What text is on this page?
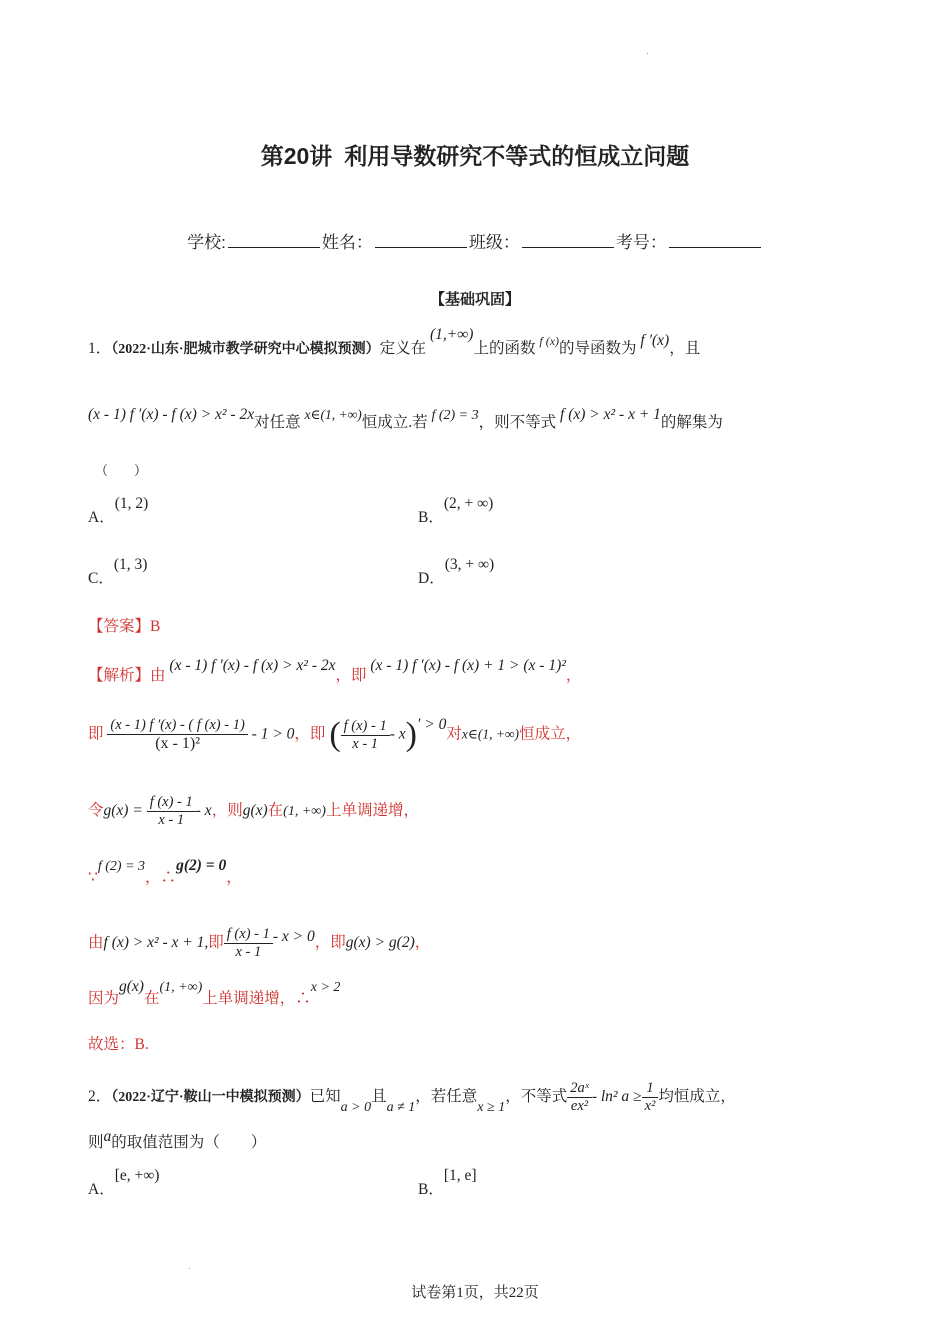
第20讲 利用导数研究不等式的恒成立问题
学校:	姓名：	班级：	考号：
【基础巩固】
1．（2022·山东·肥城市教学研究中心模拟预测）定义在 (1,+∞)上的函数 $^{f (x)}$的导函数为 f ′(x)，且
(x - 1) f ′(x) - f (x) > x² - 2x对任意 x∈(1, +∞)恒成立.若 f (2) = 3，则不等式 f (x) > x² - x + 1的解集为
（　　）
A．(1, 2)
B．(2, + ∞)
C．(1, 3)
D．(3, + ∞)
【答案】B
【解析】由 (x - 1) f ′(x) - f (x) > x² - 2x，即 (x - 1) f ′(x) - f (x) + 1 > (x - 1)²，
即 $\frac{(x - 1) f '(x) - ( f (x) - 1)}{\text{(x - 1)²}} - 1 > 0$，即 ( $\frac{f (x) - 1}{x - 1} - x)' > 0$对x∈(1, +∞)恒成立，
令$g(x) = \frac{f (x) - 1}{x - 1} - x$，则g(x)在(1, +∞)上单调递增，
∵f (2) = 3，∴g(2) = 0，
由f (x) > x² - x + 1,即 $\frac{f (x) - 1}{x - 1} - x > 0$，即g(x) > g(2)，
因为g(x)在(1, +∞)上单调递增，∴x > 2
故选：B.
2．（2022·辽宁·鞍山一中模拟预测）已知a > 0且a ≠ 1，若任意x ≥ 1，不等式 $\frac{\text{2aˣ}}{\text{ex²}} - \ln^2$ $a \ge \frac{1}{\text{x²}}$ 均恒成立，
则a的取值范围为（　　）
A．[e, +∞)
B．[1, e]
试卷第1页，共22页
